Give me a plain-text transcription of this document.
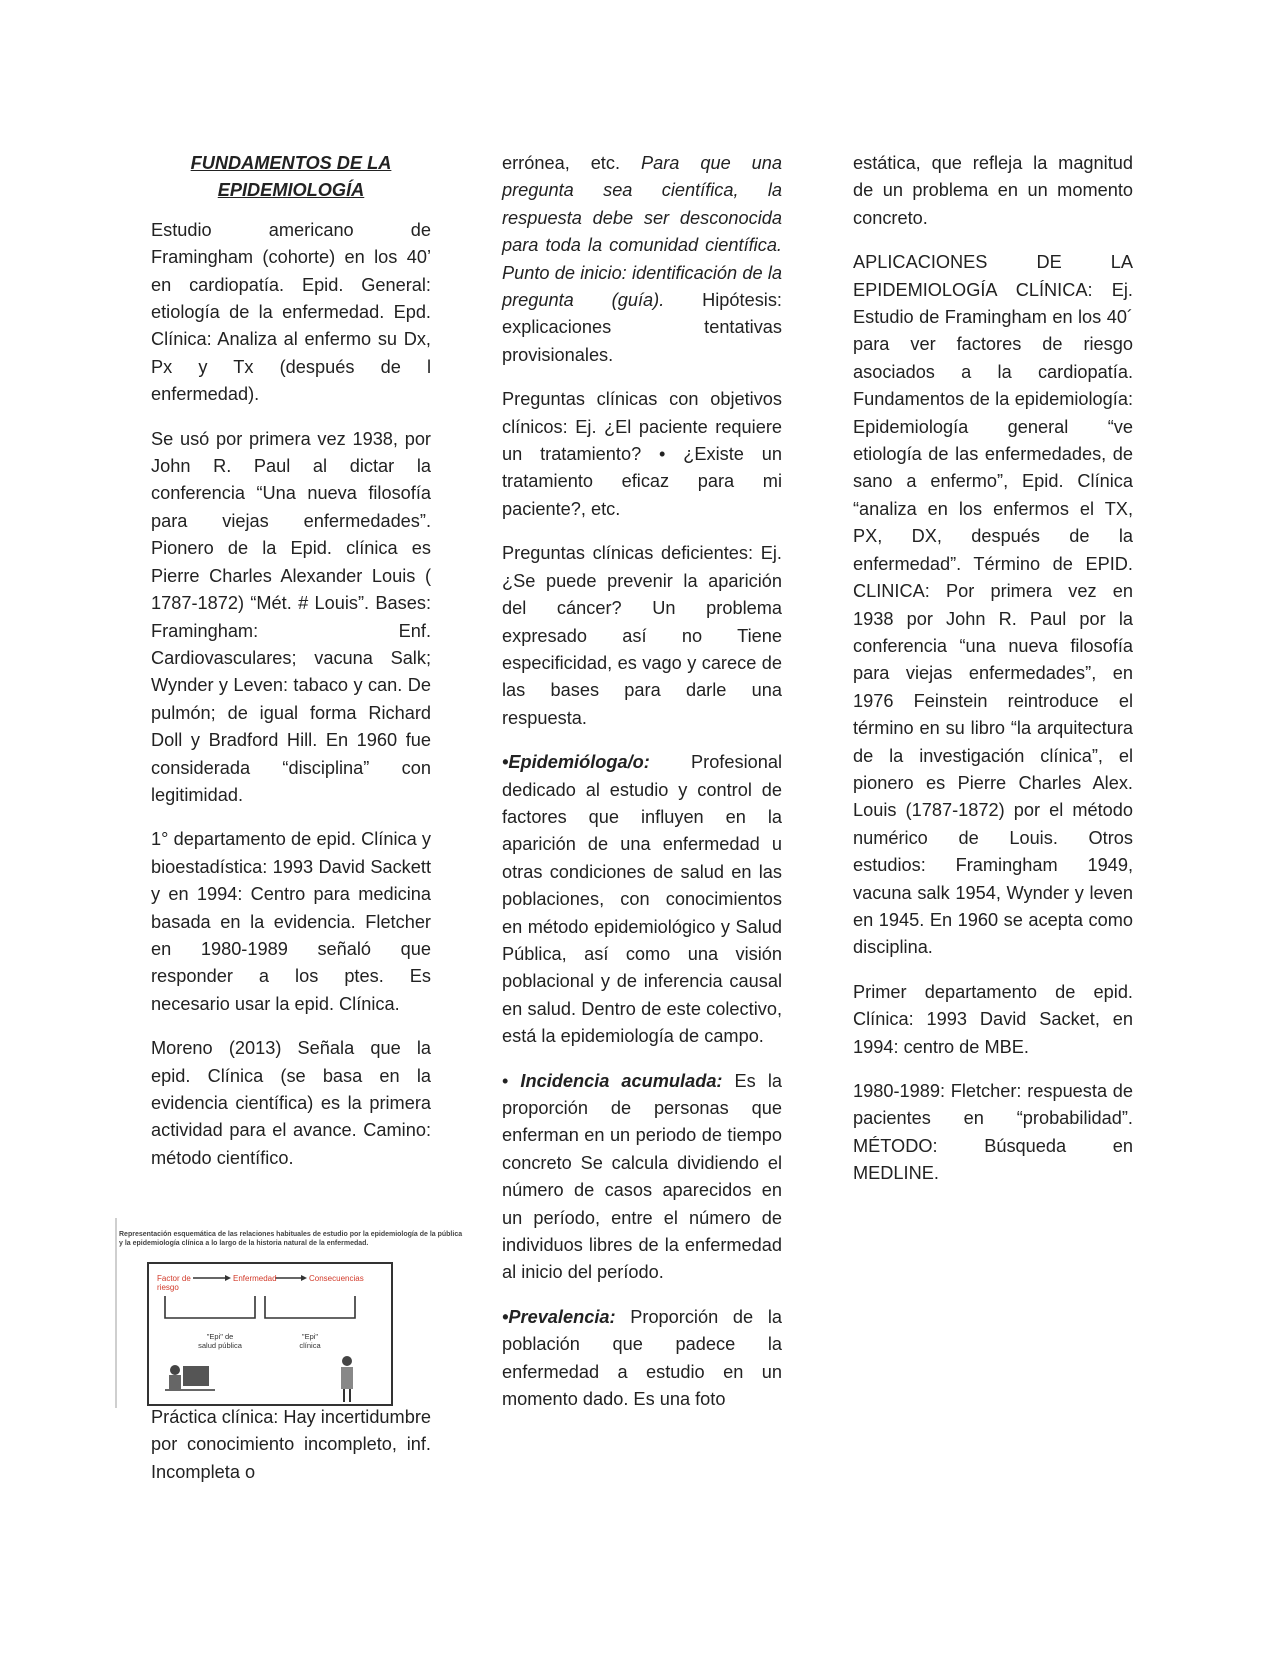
FUNDAMENTOS DE LA
EPIDEMIOLOGÍA

Estudio americano de Framingham (cohorte) en los 40’ en cardiopatía. Epid. General: etiología de la enfermedad. Epd. Clínica: Analiza al enfermo su Dx, Px y Tx (después de l enfermedad).

Se usó por primera vez 1938, por John R. Paul al dictar la conferencia “Una nueva filosofía para viejas enfermedades”. Pionero de la Epid. clínica es Pierre Charles Alexander Louis ( 1787-1872) “Mét. # Louis”. Bases: Framingham: Enf. Cardiovasculares; vacuna Salk; Wynder y Leven: tabaco y can. De pulmón; de igual forma Richard Doll y Bradford Hill. En 1960 fue considerada “disciplina” con legitimidad.

1° departamento de epid. Clínica y bioestadística: 1993 David Sackett y en 1994: Centro para medicina basada en la evidencia. Fletcher en 1980-1989 señaló que responder a los ptes. Es necesario usar la epid. Clínica.

Moreno (2013) Señala que la epid. Clínica (se basa en la evidencia científica) es la primera actividad para el avance. Camino: método científico.

Representación esquemática de las relaciones habituales de estudio por la epidemiología de la pública y la epidemiología clínica a lo largo de la historia natural de la enfermedad.
Factor de
riesgo
Enfermedad	Consecuencias
"Epi" de
salud pública
"Epi"
clínica

Práctica clínica: Hay incertidumbre por conocimiento incompleto, inf. Incompleta o

errónea, etc. Para que una pregunta sea científica, la respuesta debe ser desconocida para toda la comunidad científica. Punto de inicio: identificación de la pregunta (guía). Hipótesis: explicaciones tentativas provisionales.

Preguntas clínicas con objetivos clínicos: Ej. ¿El paciente requiere un tratamiento? • ¿Existe un tratamiento eficaz para mi paciente?, etc.

Preguntas clínicas deficientes: Ej. ¿Se puede prevenir la aparición del cáncer? Un problema expresado así no Tiene especificidad, es vago y carece de las bases para darle una respuesta.

•Epidemióloga/o: Profesional dedicado al estudio y control de factores que influyen en la aparición de una enfermedad u otras condiciones de salud en las poblaciones, con conocimientos en método epidemiológico y Salud Pública, así como una visión poblacional y de inferencia causal en salud. Dentro de este colectivo, está la epidemiología de campo.

• Incidencia acumulada: Es la proporción de personas que enferman en un periodo de tiempo concreto Se calcula dividiendo el número de casos aparecidos en un período, entre el número de individuos libres de la enfermedad al inicio del período.

•Prevalencia: Proporción de la población que padece la enfermedad a estudio en un momento dado. Es una foto

estática, que refleja la magnitud de un problema en un momento concreto.

APLICACIONES DE LA EPIDEMIOLOGÍA CLÍNICA: Ej. Estudio de Framingham en los 40´ para ver factores de riesgo asociados a la cardiopatía. Fundamentos de la epidemiología: Epidemiología general “ve etiología de las enfermedades, de sano a enfermo”, Epid. Clínica “analiza en los enfermos el TX, PX, DX, después de la enfermedad”. Término de EPID. CLINICA: Por primera vez en 1938 por John R. Paul por la conferencia “una nueva filosofía para viejas enfermedades”, en 1976 Feinstein reintroduce el término en su libro “la arquitectura de la investigación clínica”, el pionero es Pierre Charles Alex. Louis (1787-1872) por el método numérico de Louis. Otros estudios: Framingham 1949, vacuna salk 1954, Wynder y leven en 1945. En 1960 se acepta como disciplina.

Primer departamento de epid. Clínica: 1993 David Sacket, en 1994: centro de MBE.

1980-1989: Fletcher: respuesta de pacientes en “probabilidad”. MÉTODO: Búsqueda en MEDLINE.
